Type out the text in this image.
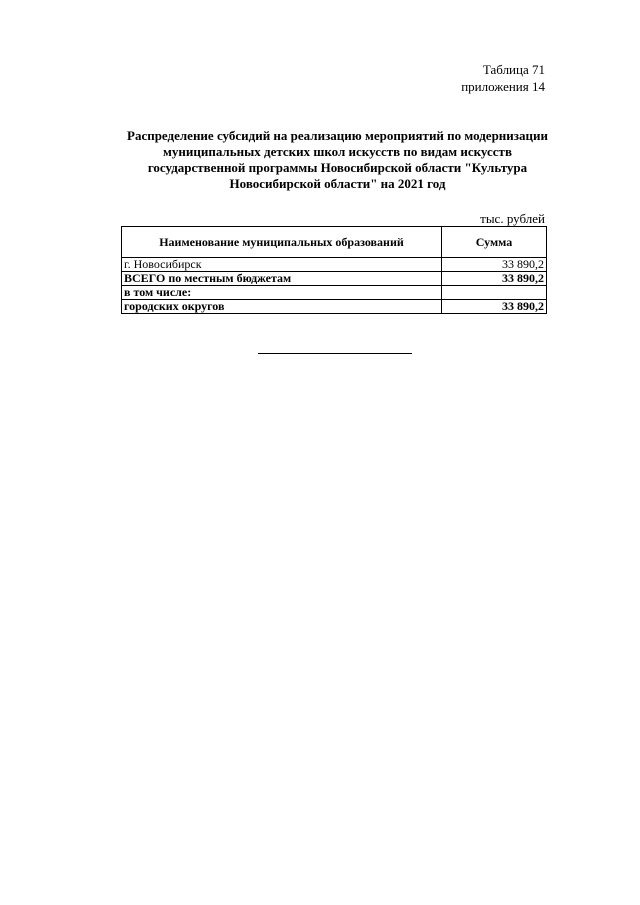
Таблица 71
приложения 14
Распределение субсидий на реализацию мероприятий по модернизации муниципальных детских школ искусств по видам искусств государственной программы Новосибирской области "Культура Новосибирской области" на 2021 год
тыс. рублей
Наименование муниципальных образований	Сумма
г. Новосибирск	33 890,2
ВСЕГО по местным бюджетам	33 890,2
в том числе:	
городских округов	33 890,2
